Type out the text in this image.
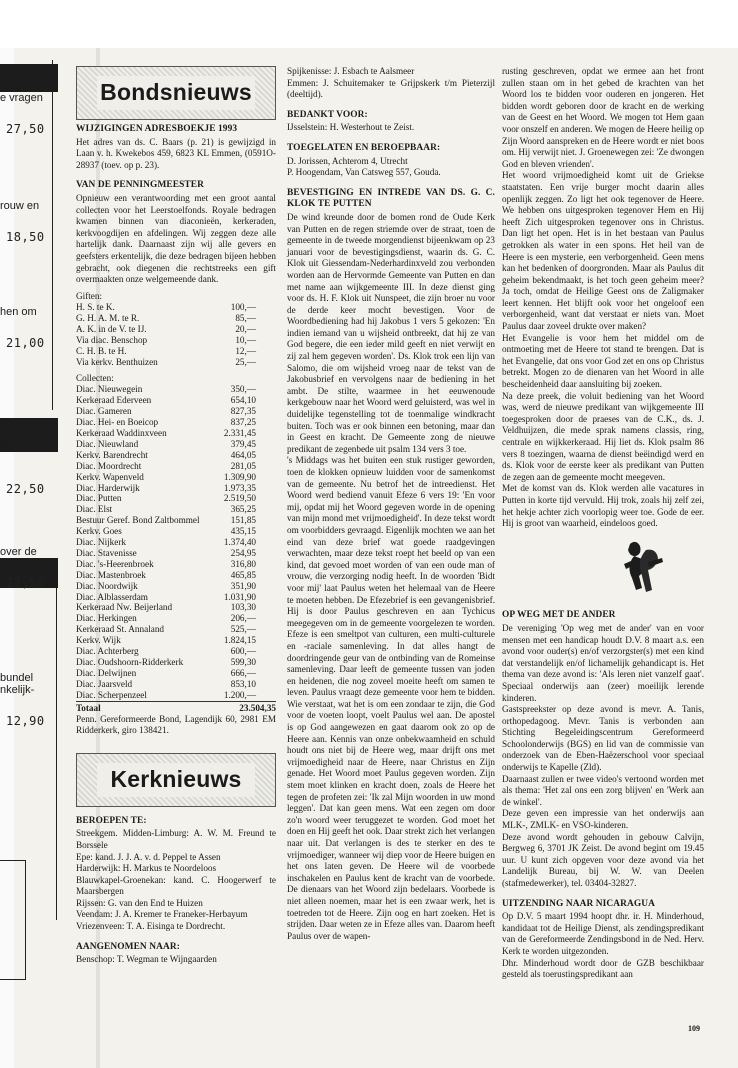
e vragen
27,50
rouw en
18,50
hen om
21,00
van der
drs. T.R.
22,50
over de
22,50
bundel
nkelijk-
12,90
Bondsnieuws
WIJZIGINGEN ADRESBOEKJE 1993

Het adres van ds. C. Baars (p. 21) is gewijzigd in Laan v. h. Kwekebos 459, 6823 KL Emmen, (0591O-28937 (toev. op p. 23).

VAN DE PENNINGMEESTER

Opnieuw een verantwoording met een groot aantal collecten voor het Leerstoelfonds. Royale bedragen kwamen binnen van diaconieën, kerkeraden, kerkvoogdijen en afdelingen. Wij zeggen deze alle hartelijk dank. Daarnaast zijn wij alle gevers en geefsters erkentelijk, die deze bedragen bijeen hebben gebracht, ook diegenen die rechtstreeks een gift overmaakten onze welgemeende dank.

Giften:
H. S. te K.	100,—
G. H. A. M. te R.	85,—
A. K. in de V. te IJ.	20,—
Via diac. Benschop	10,—
C. H. B. te H.	12,—
Via kerkv. Benthuizen	25,—
Collecten:
Diac. Nieuwegein	350,—
Kerkeraad Ederveen	654,10
Diac. Gameren	827,35
Diac. Hei- en Boeicop	837,25
Kerkeraad Waddinxveen	2.331,45
Diac. Nieuwland	379,45
Kerkv. Barendrecht	464,05
Diac. Moordrecht	281,05
Kerkv. Wapenveld	1.309,90
Diac. Harderwijk	1.973,35
Diac. Putten	2.519,50
Diac. Elst	365,25
Bestuur Geref. Bond Zaltbommel	151,85
Kerkv. Goes	435,15
Diac. Nijkerk	1.374,40
Diac. Stavenisse	254,95
Diac. 's-Heerenbroek	316,80
Diac. Mastenbroek	465,85
Diac. Noordwijk	351,90
Diac. Alblasserdam	1.031,90
Kerkeraad Nw. Beijerland	103,30
Diac. Herkingen	206,—
Kerkeraad St. Annaland	525,—
Kerkv. Wijk	1.824,15
Diac. Achterberg	600,—
Diac. Oudshoorn-Ridderkerk	599,30
Diac. Delwijnen	666,—
Diac. Jaarsveld	853,10
Diac. Scherpenzeel	1.200,—
Totaal	23.504,35

Penn. Gereformeerde Bond, Lagendijk 60, 2981 EM Ridderkerk, giro 138421.

Kerknieuws
BEROEPEN TE:

Streekgem. Midden-Limburg: A. W. M. Freund te Borssele
Epe: kand. J. J. A. v. d. Peppel te Assen
Harderwijk: H. Markus te Noordeloos
Blauwkapel-Groenekan: kand. C. Hoogerwerf te Maarsbergen
Rijssen: G. van den End te Huizen
Veendam: J. A. Kremer te Franeker-Herbayum
Vriezenveen: T. A. Eisinga te Dordrecht.

AANGENOMEN NAAR:

Benschop: T. Wegman te Wijngaarden

Spijkenisse: J. Esbach te Aalsmeer
Emmen: J. Schuitemaker te Grijpskerk t/m Pieterzijl (deeltijd).

BEDANKT VOOR:

IJsselstein: H. Westerhout te Zeist.

TOEGELATEN EN BEROEPBAAR:

D. Jorissen, Achterom 4, Utrecht
P. Hoogendam, Van Catsweg 557, Gouda.

BEVESTIGING EN INTREDE VAN DS. G. C. KLOK TE PUTTEN

De wind kreunde door de bomen rond de Oude Kerk van Putten en de regen striemde over de straat, toen de gemeente in de tweede morgendienst bijeenkwam op 23 januari voor de bevestigingsdienst, waarin ds. G. C. Klok uit Giessendam-Nederhardinxveld zou verbonden worden aan de Hervormde Gemeente van Putten en dan met name aan wijkgemeente III. In deze dienst ging voor ds. H. F. Klok uit Nunspeet, die zijn broer nu voor de derde keer mocht bevestigen. Voor de Woordbediening had hij Jakobus 1 vers 5 gekozen: 'En indien iemand van u wijsheid ontbreekt, dat hij ze van God begere, die een ieder mild geeft en niet verwijt en zij zal hem gegeven worden'. Ds. Klok trok een lijn van Salomo, die om wijsheid vroeg naar de tekst van de Jakobusbrief en vervolgens naar de bediening in het ambt. De stilte, waarmee in het eeuwenoude kerkgebouw naar het Woord werd geluisterd, was wel in duidelijke tegenstelling tot de toenmalige windkracht buiten. Toch was er ook binnen een betoning, maar dan in Geest en kracht. De Gemeente zong de nieuwe predikant de zegenbede uit psalm 134 vers 3 toe.
's Middags was het buiten een stuk rustiger geworden, toen de klokken opnieuw luidden voor de samenkomst van de gemeente. Nu betrof het de intreedienst. Het Woord werd bediend vanuit Efeze 6 vers 19: 'En voor mij, opdat mij het Woord gegeven worde in de opening van mijn mond met vrijmoedigheid'. In deze tekst wordt om voorbidders gevraagd. Eigenlijk mochten we aan het eind van deze brief wat goede raadgevingen verwachten, maar deze tekst roept het beeld op van een kind, dat gevoed moet worden of van een oude man of vrouw, die verzorging nodig heeft. In de woorden 'Bidt voor mij' laat Paulus weten het helemaal van de Heere te moeten hebben. De Efezebrief is een gevangenisbrief. Hij is door Paulus geschreven en aan Tychicus meegegeven om in de gemeente voorgelezen te worden. Efeze is een smeltpot van culturen, een multi-culturele en -raciale samenleving. In dat alles hangt de doordringende geur van de ontbinding van de Romeinse samenleving. Daar leeft de gemeente tussen van joden en heidenen, die nog zoveel moeite heeft om samen te leven. Paulus vraagt deze gemeente voor hem te bidden. Wie verstaat, wat het is om een zondaar te zijn, die God voor de voeten loopt, voelt Paulus wel aan. De apostel is op God aangewezen en gaat daarom ook zo op de Heere aan. Kennis van onze onbekwaamheid en schuld houdt ons niet bij de Heere weg, maar drijft ons met vrijmoedigheid naar de Heere, naar Christus en Zijn genade. Het Woord moet Paulus gegeven worden. Zijn stem moet klinken en kracht doen, zoals de Heere het tegen de profeten zei: 'Ik zal Mijn woorden in uw mond leggen'. Dat kan geen mens. Wat een zegen om door zo'n woord weer teruggezet te worden. God moet het doen en Hij geeft het ook. Daar strekt zich het verlangen naar uit. Dat verlangen is des te sterker en des te vrijmoediger, wanneer wij diep voor de Heere buigen en het ons laten geven. De Heere wil de voorbede inschakelen en Paulus kent de kracht van de voorbede. De dienaars van het Woord zijn bedelaars. Voorbede is niet alleen noemen, maar het is een zwaar werk, het is toetreden tot de Heere. Zijn oog en hart zoeken. Het is strijden. Daar weten ze in Efeze alles van. Daarom heeft Paulus over de wapen-

rusting geschreven, opdat we ermee aan het front zullen staan om in het gebed de krachten van het Woord los te bidden voor ouderen en jongeren. Het bidden wordt geboren door de kracht en de werking van de Geest en het Woord. We mogen tot Hem gaan voor onszelf en anderen. We mogen de Heere heilig op Zijn Woord aanspreken en de Heere wordt er niet boos om. Hij verwijt niet. J. Groenewegen zei: 'Ze dwongen God en bleven vrienden'.
Het woord vrijmoedigheid komt uit de Griekse staatstaten. Een vrije burger mocht daarin alles openlijk zeggen. Zo ligt het ook tegenover de Heere. We hebben ons uitgesproken tegenover Hem en Hij heeft Zich uitgesproken tegenover ons in Christus. Dan ligt het open. Het is in het bestaan van Paulus getrokken als water in een spons. Het heil van de Heere is een mysterie, een verborgenheid. Geen mens kan het bedenken of doorgronden. Maar als Paulus dit geheim bekendmaakt, is het toch geen geheim meer? Ja toch, omdat de Heilige Geest ons de Zaligmaker leert kennen. Het blijft ook voor het ongeloof een verborgenheid, want dat verstaat er niets van. Moet Paulus daar zoveel drukte over maken?
Het Evangelie is voor hem het middel om de ontmoeting met de Heere tot stand te brengen. Dat is het Evangelie, dat ons voor God zet en ons op Christus betrekt. Mogen zo de dienaren van het Woord in alle bescheidenheid daar aansluiting bij zoeken.
Na deze preek, die voluit bediening van het Woord was, werd de nieuwe predikant van wijkgemeente III toegesproken door de praeses van de C.K., ds. J. Veldhuijzen, die mede sprak namens classis, ring, centrale en wijkkerkeraad. Hij liet ds. Klok psalm 86 vers 8 toezingen, waarna de dienst beëindigd werd en ds. Klok voor de eerste keer als predikant van Putten de zegen aan de gemeente mocht meegeven.
Met de komst van ds. Klok werden alle vacatures in Putten in korte tijd vervuld. Hij trok, zoals hij zelf zei, het hekje achter zich voorlopig weer toe. Gode de eer. Hij is groot van waarheid, eindeloos goed.

OP WEG MET DE ANDER

De vereniging 'Op weg met de ander' van en voor mensen met een handicap houdt D.V. 8 maart a.s. een avond voor ouder(s) en/of verzorgster(s) met een kind dat verstandelijk en/of lichamelijk gehandicapt is. Het thema van deze avond is: 'Als leren niet vanzelf gaat'. Speciaal onderwijs aan (zeer) moeilijk lerende kinderen.
Gastspreekster op deze avond is mevr. A. Tanis, orthopedagoog. Mevr. Tanis is verbonden aan Stichting Begeleidingscentrum Gereformeerd Schoolonderwijs (BGS) en lid van de commissie van onderzoek van de Eben-Haëzerschool voor speciaal onderwijs te Kapelle (Zld).
Daarnaast zullen er twee video's vertoond worden met als thema: 'Het zal ons een zorg blijven' en 'Werk aan de winkel'.
Deze geven een impressie van het onderwijs aan MLK-, ZMLK- en VSO-kinderen.
Deze avond wordt gehouden in gebouw Calvijn, Bergweg 6, 3701 JK Zeist. De avond begint om 19.45 uur. U kunt zich opgeven voor deze avond via het Landelijk Bureau, bij W. W. van Deelen (stafmedewerker), tel. 03404-32827.

UITZENDING NAAR NICARAGUA

Op D.V. 5 maart 1994 hoopt dhr. ir. H. Minderhoud, kandidaat tot de Heilige Dienst, als zendingspredikant van de Gereformeerde Zendingsbond in de Ned. Herv. Kerk te worden uitgezonden.
Dhr. Minderhoud wordt door de GZB beschikbaar gesteld als toerustingspredikant aan

109
